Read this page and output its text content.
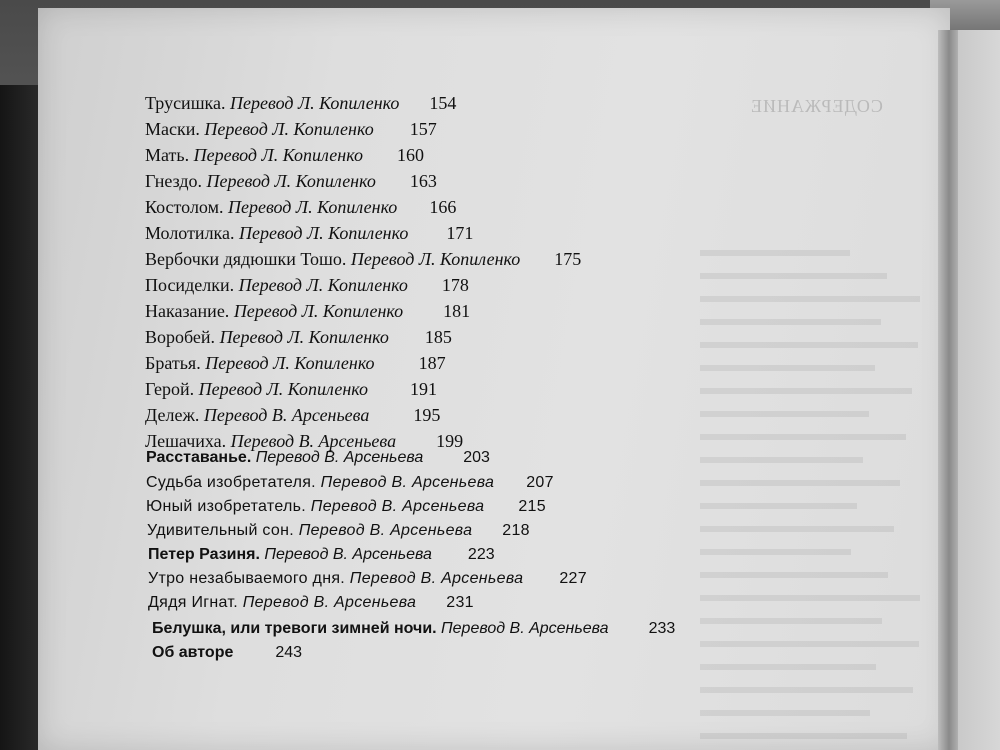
СОДЕРЖАНИЕ
Трусишка. Перевод Л. Копиленко 154
Маски. Перевод Л. Копиленко 157
Мать. Перевод Л. Копиленко 160
Гнездо. Перевод Л. Копиленко 163
Костолом. Перевод Л. Копиленко 166
Молотилка. Перевод Л. Копиленко 171
Вербочки дядюшки Тошо. Перевод Л. Копиленко 175
Посиделки. Перевод Л. Копиленко 178
Наказание. Перевод Л. Копиленко 181
Воробей. Перевод Л. Копиленко 185
Братья. Перевод Л. Копиленко 187
Герой. Перевод Л. Копиленко 191
Дележ. Перевод В. Арсеньева 195
Лешачиха. Перевод В. Арсеньева 199
Расставанье. Перевод В. Арсеньева	203
Судьба изобретателя. Перевод В. Арсеньева 207
Юный изобретатель. Перевод В. Арсеньева 215
Удивительный сон. Перевод В. Арсеньева 218
Петер Разиня. Перевод В. Арсеньева 223
Утро незабываемого дня. Перевод В. Арсеньева 227
Дядя Игнат. Перевод В. Арсеньева 231
Белушка, или тревоги зимней ночи. Перевод В. Арсеньева	233
Об авторе	243
